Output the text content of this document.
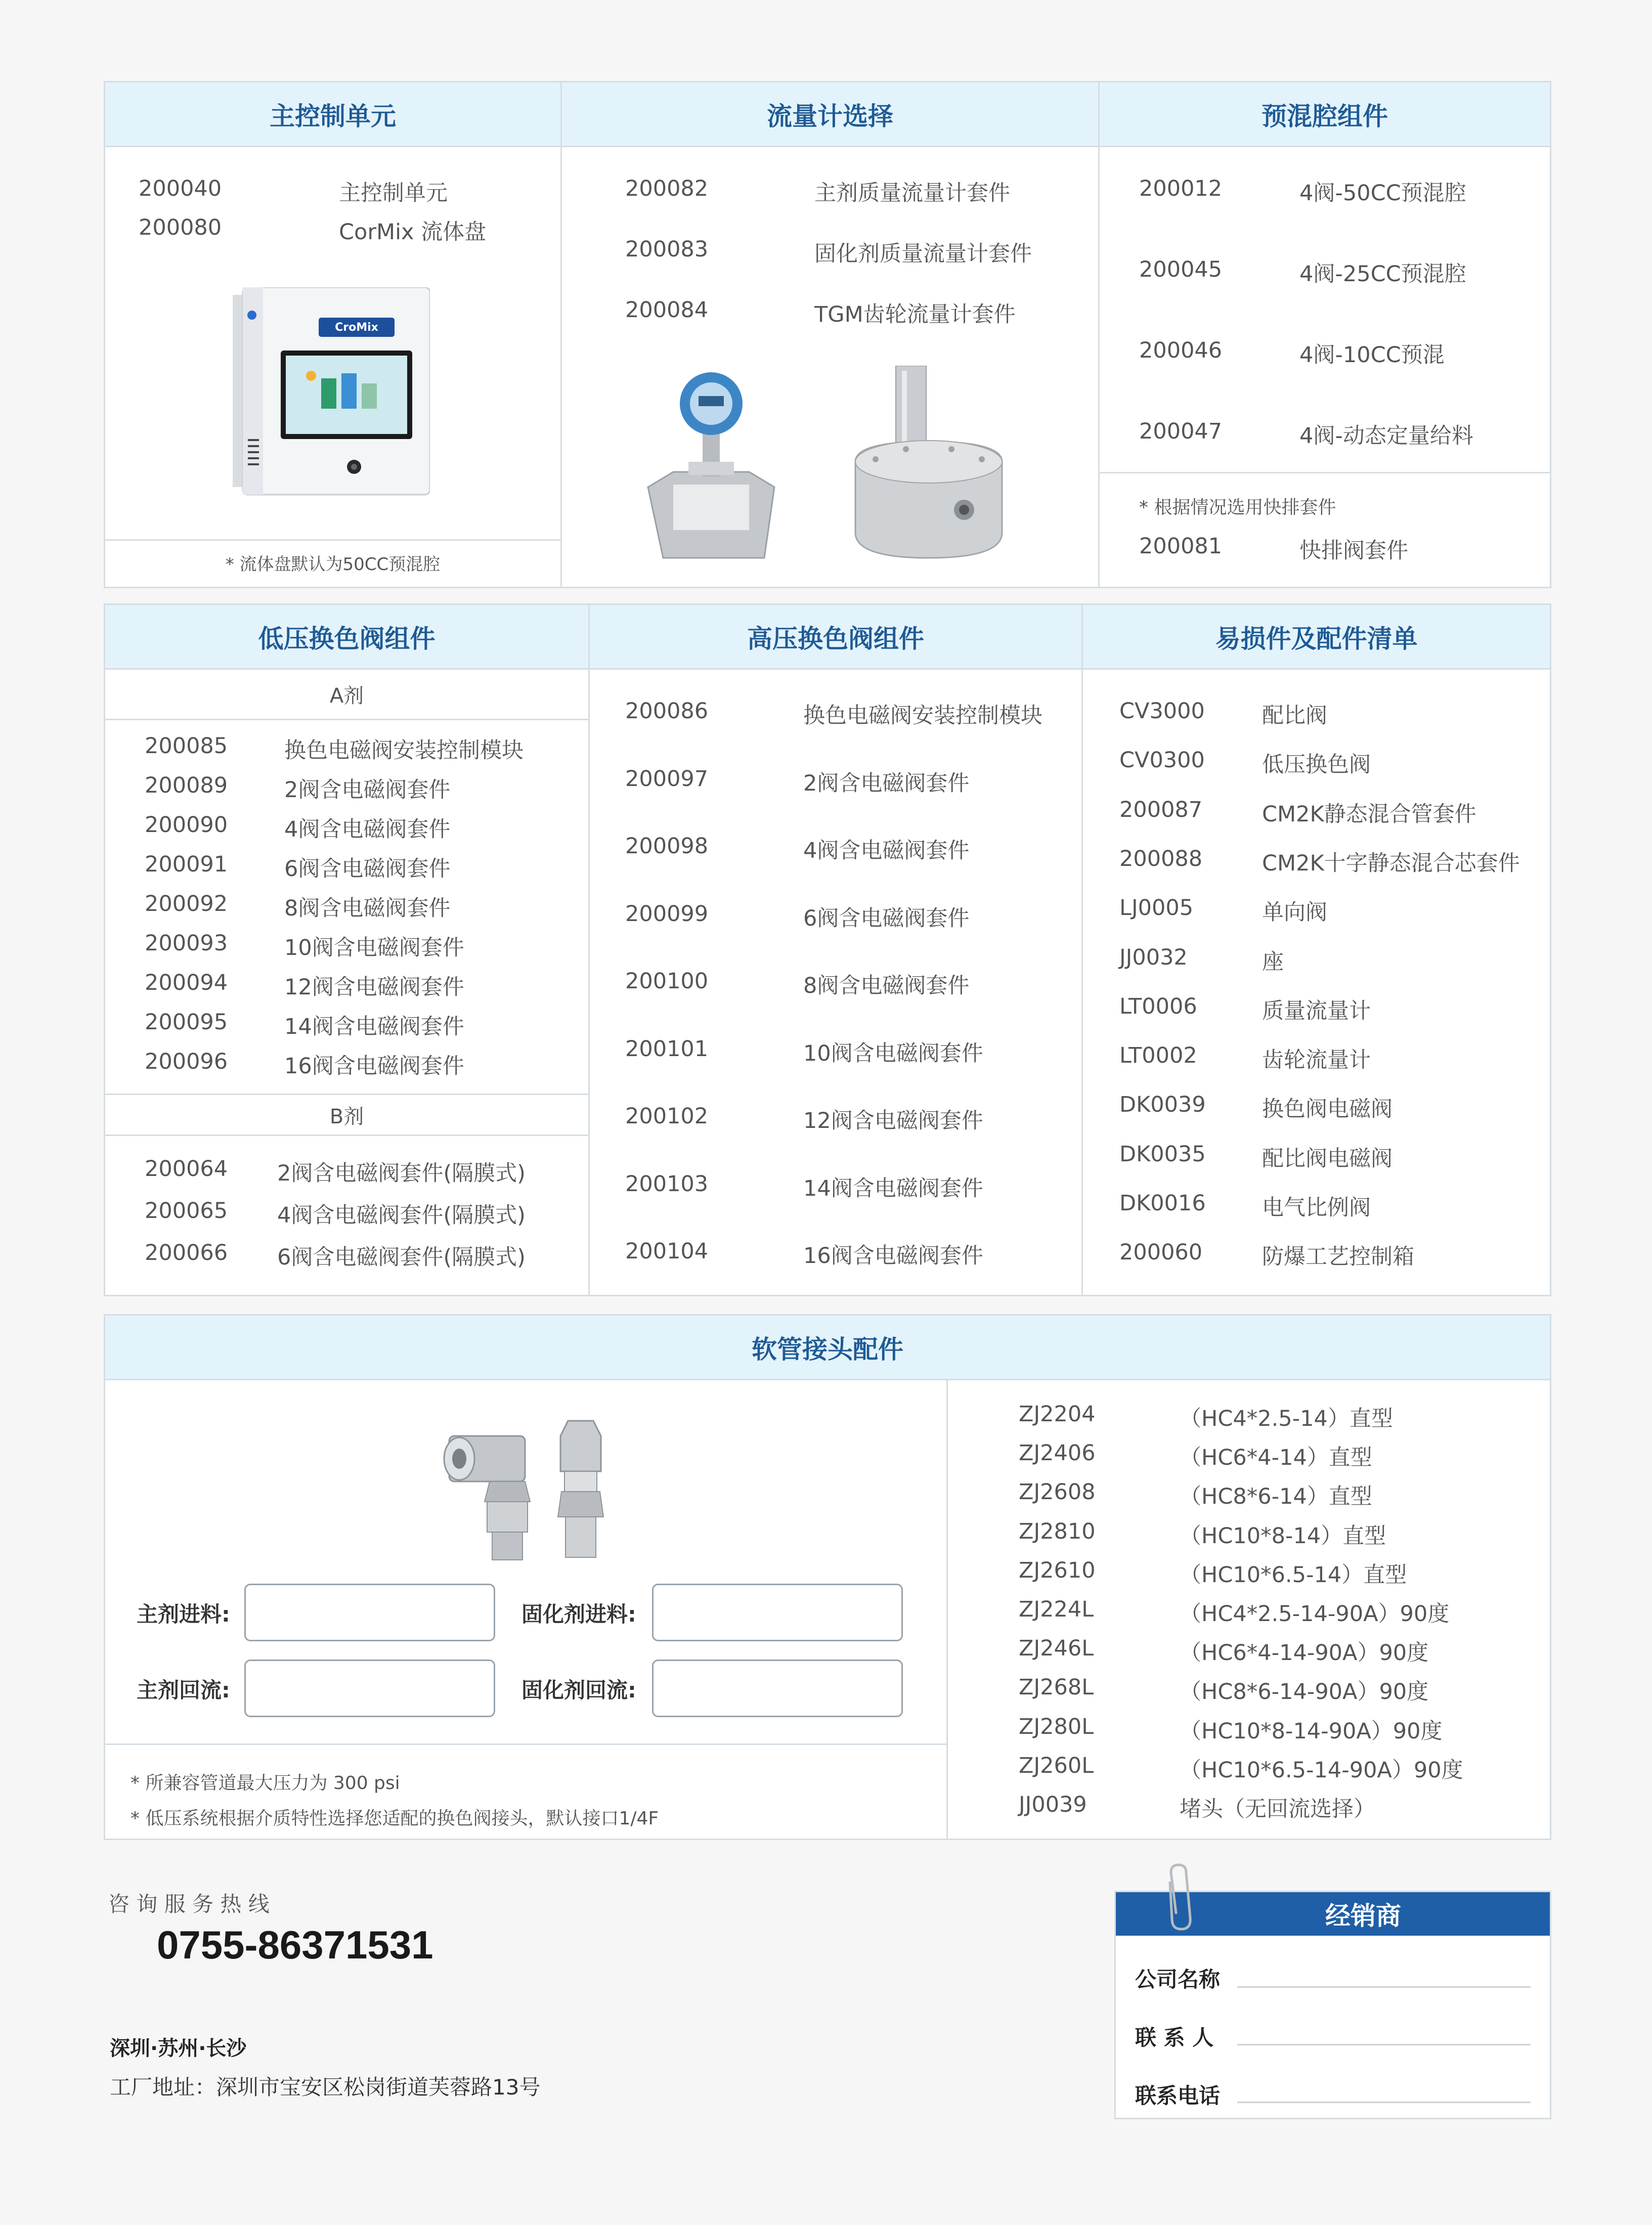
主控制单元
200040	主控制单元
200080	CorMix 流体盘
CroMix
* 流体盘默认为50CC预混腔
流量计选择
200082	主剂质量流量计套件
200083	固化剂质量流量计套件
200084	TGM齿轮流量计套件
预混腔组件
200012	4阀-50CC预混腔
200045	4阀-25CC预混腔
200046	4阀-10CC预混
200047	4阀-动态定量给料
* 根据情况选用快排套件
200081	快排阀套件
低压换色阀组件
A剂
200085	换色电磁阀安装控制模块
200089	2阀含电磁阀套件
200090	4阀含电磁阀套件
200091	6阀含电磁阀套件
200092	8阀含电磁阀套件
200093	10阀含电磁阀套件
200094	12阀含电磁阀套件
200095	14阀含电磁阀套件
200096	16阀含电磁阀套件
B剂
200064	2阀含电磁阀套件(隔膜式)
200065	4阀含电磁阀套件(隔膜式)
200066	6阀含电磁阀套件(隔膜式)
高压换色阀组件
200086	换色电磁阀安装控制模块
200097	2阀含电磁阀套件
200098	4阀含电磁阀套件
200099	6阀含电磁阀套件
200100	8阀含电磁阀套件
200101	10阀含电磁阀套件
200102	12阀含电磁阀套件
200103	14阀含电磁阀套件
200104	16阀含电磁阀套件
易损件及配件清单
CV3000	配比阀
CV0300	低压换色阀
200087	CM2K静态混合管套件
200088	CM2K十字静态混合芯套件
LJ0005	单向阀
JJ0032	座
LT0006	质量流量计
LT0002	齿轮流量计
DK0039	换色阀电磁阀
DK0035	配比阀电磁阀
DK0016	电气比例阀
200060	防爆工艺控制箱
软管接头配件
主剂进料:	固化剂进料:
主剂回流:	固化剂回流:
* 所兼容管道最大压力为 300 psi
* 低压系统根据介质特性选择您适配的换色阀接头，默认接口1/4F
ZJ2204	（HC4*2.5-14）直型
ZJ2406	（HC6*4-14）直型
ZJ2608	（HC8*6-14）直型
ZJ2810	（HC10*8-14）直型
ZJ2610	（HC10*6.5-14）直型
ZJ224L	（HC4*2.5-14-90A）90度
ZJ246L	（HC6*4-14-90A）90度
ZJ268L	（HC8*6-14-90A）90度
ZJ280L	（HC10*8-14-90A）90度
ZJ260L	（HC10*6.5-14-90A）90度
JJ0039	堵头（无回流选择）
咨 询 服 务 热 线
0755-86371531
深圳·苏州·长沙
工厂地址：深圳市宝安区松岗街道芙蓉路13号
经销商
公司名称
联 系 人
联系电话
